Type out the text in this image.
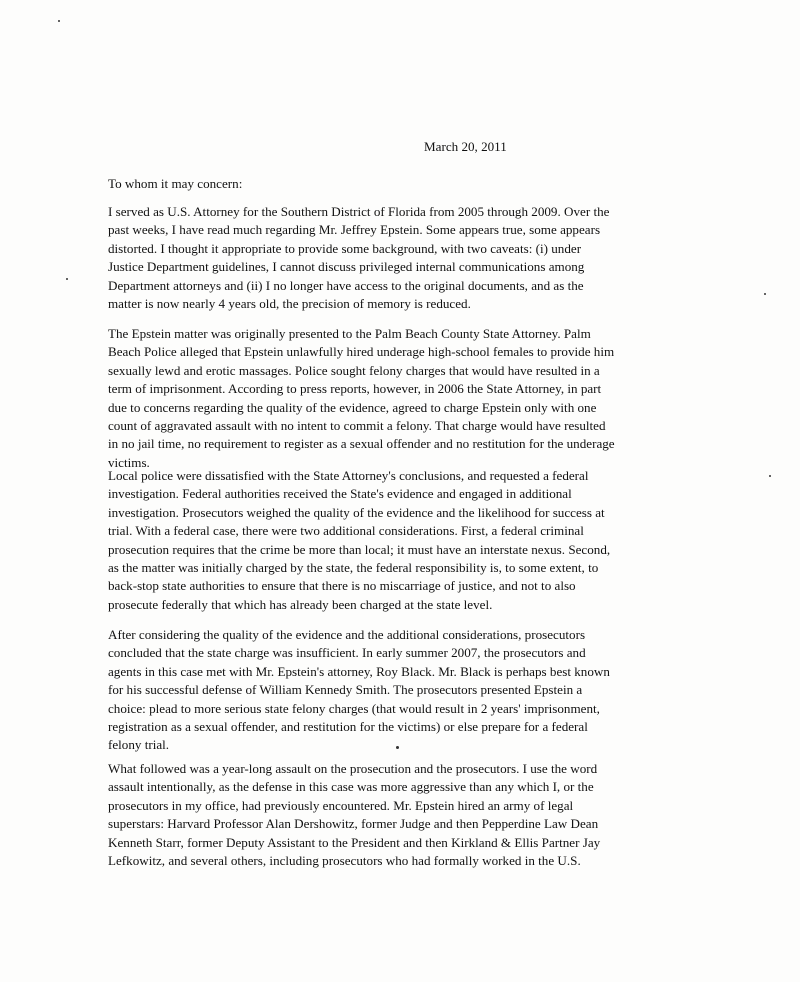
March 20, 2011
To whom it may concern:
I served as U.S. Attorney for the Southern District of Florida from 2005 through 2009. Over the
past weeks, I have read much regarding Mr. Jeffrey Epstein. Some appears true, some appears
distorted. I thought it appropriate to provide some background, with two caveats: (i) under
Justice Department guidelines, I cannot discuss privileged internal communications among
Department attorneys and (ii) I no longer have access to the original documents, and as the
matter is now nearly 4 years old, the precision of memory is reduced.
The Epstein matter was originally presented to the Palm Beach County State Attorney. Palm
Beach Police alleged that Epstein unlawfully hired underage high-school females to provide him
sexually lewd and erotic massages. Police sought felony charges that would have resulted in a
term of imprisonment. According to press reports, however, in 2006 the State Attorney, in part
due to concerns regarding the quality of the evidence, agreed to charge Epstein only with one
count of aggravated assault with no intent to commit a felony. That charge would have resulted
in no jail time, no requirement to register as a sexual offender and no restitution for the underage
victims.
Local police were dissatisfied with the State Attorney's conclusions, and requested a federal
investigation. Federal authorities received the State's evidence and engaged in additional
investigation. Prosecutors weighed the quality of the evidence and the likelihood for success at
trial. With a federal case, there were two additional considerations. First, a federal criminal
prosecution requires that the crime be more than local; it must have an interstate nexus. Second,
as the matter was initially charged by the state, the federal responsibility is, to some extent, to
back-stop state authorities to ensure that there is no miscarriage of justice, and not to also
prosecute federally that which has already been charged at the state level.
After considering the quality of the evidence and the additional considerations, prosecutors
concluded that the state charge was insufficient. In early summer 2007, the prosecutors and
agents in this case met with Mr. Epstein's attorney, Roy Black. Mr. Black is perhaps best known
for his successful defense of William Kennedy Smith. The prosecutors presented Epstein a
choice: plead to more serious state felony charges (that would result in 2 years' imprisonment,
registration as a sexual offender, and restitution for the victims) or else prepare for a federal
felony trial.
What followed was a year-long assault on the prosecution and the prosecutors. I use the word
assault intentionally, as the defense in this case was more aggressive than any which I, or the
prosecutors in my office, had previously encountered. Mr. Epstein hired an army of legal
superstars: Harvard Professor Alan Dershowitz, former Judge and then Pepperdine Law Dean
Kenneth Starr, former Deputy Assistant to the President and then Kirkland & Ellis Partner Jay
Lefkowitz, and several others, including prosecutors who had formally worked in the U.S.
